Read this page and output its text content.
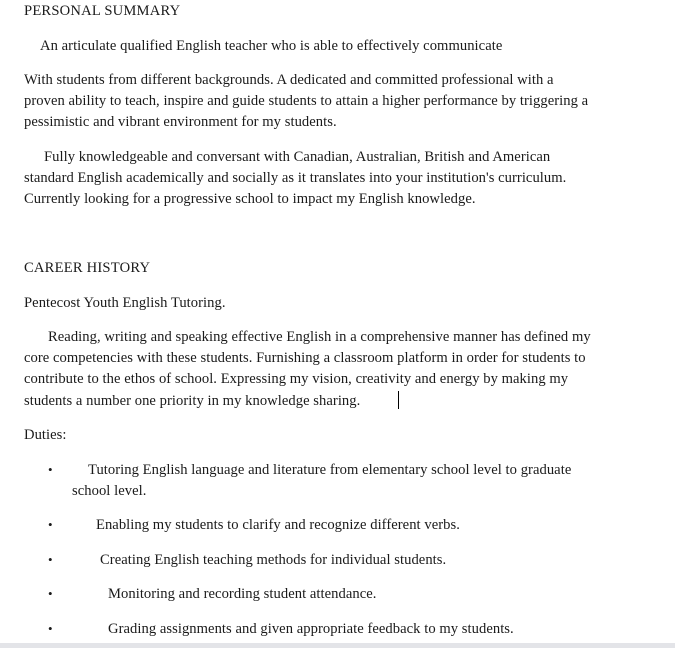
PERSONAL SUMMARY
An articulate qualified English teacher who is able to effectively communicate
With students from different backgrounds. A dedicated and committed professional with a
proven ability to teach, inspire and guide students to attain a higher performance by triggering a
pessimistic and vibrant environment for my students.
Fully knowledgeable and conversant with Canadian, Australian, British and American
standard English academically and socially as it translates into your institution's curriculum.
Currently looking for a progressive school to impact my English knowledge.
CAREER HISTORY
Pentecost Youth English Tutoring.
Reading, writing and speaking effective English in a comprehensive manner has defined my
core competencies with these students. Furnishing a classroom platform in order for students to
contribute to the ethos of school. Expressing my vision, creativity and energy by making my
students a number one priority in my knowledge sharing.
Duties:
• Tutoring English language and literature from elementary school level to graduate
school level.
•	Enabling my students to clarify and recognize different verbs.
•	Creating English teaching methods for individual students.
•	Monitoring and recording student attendance.
•	Grading assignments and given appropriate feedback to my students.
